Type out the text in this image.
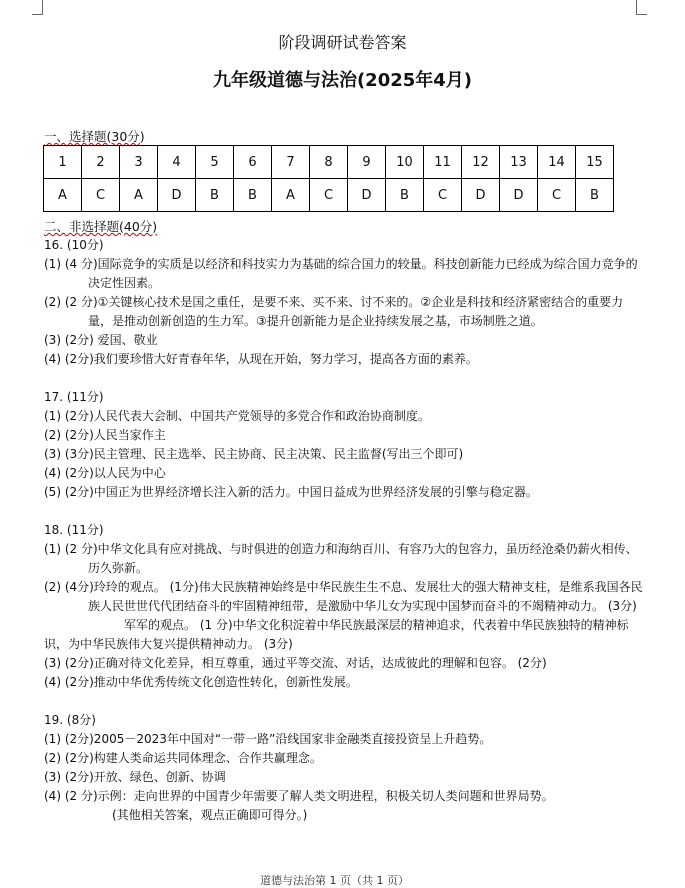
阶段调研试卷答案
九年级道德与法治(2025年4月)
一、选择题(30分)
1	2	3	4	5	6	7	8	9	10	11	12	13	14	15
A	C	A	D	B	B	A	C	D	B	C	D	D	C	B
二、非选择题(40分)
16. (10分)
(1) (4 分)国际竞争的实质是以经济和科技实力为基础的综合国力的较量。科技创新能力已经成为综合国力竞争的决定性因素。
(2) (2 分)①关键核心技术是国之重任，是要不来、买不来、讨不来的。②企业是科技和经济紧密结合的重要力量，是推动创新创造的生力军。③提升创新能力是企业持续发展之基，市场制胜之道。
(3) (2分) 爱国、敬业
(4) (2分)我们要珍惜大好青春年华，从现在开始，努力学习，提高各方面的素养。
17. (11分)
(1) (2分)人民代表大会制、中国共产党领导的多党合作和政治协商制度。
(2) (2分)人民当家作主
(3) (3分)民主管理、民主选举、民主协商、民主决策、民主监督(写出三个即可)
(4) (2分)以人民为中心
(5) (2分)中国正为世界经济增长注入新的活力。中国日益成为世界经济发展的引擎与稳定器。
18. (11分)
(1) (2 分)中华文化具有应对挑战、与时俱进的创造力和海纳百川、有容乃大的包容力，虽历经沧桑仍薪火相传、历久弥新。
(2) (4分)玲玲的观点。 (1分)伟大民族精神始终是中华民族生生不息、发展壮大的强大精神支柱，是维系我国各民族人民世世代代团结奋斗的牢固精神纽带，是激励中华儿女为实现中国梦而奋斗的不竭精神动力。 (3分)
军军的观点。 (1 分)中华文化积淀着中华民族最深层的精神追求，代表着中华民族独特的精神标识，为中华民族伟大复兴提供精神动力。 (3分)
(3) (2分)正确对待文化差异，相互尊重，通过平等交流、对话，达成彼此的理解和包容。 (2分)
(4) (2分)推动中华优秀传统文化创造性转化，创新性发展。
19. (8分)
(1) (2分)2005－2023年中国对“一带一路”沿线国家非金融类直接投资呈上升趋势。
(2) (2分)构建人类命运共同体理念、合作共赢理念。
(3) (2分)开放、绿色、创新、协调
(4) (2 分)示例：走向世界的中国青少年需要了解人类文明进程，积极关切人类问题和世界局势。
(其他相关答案，观点正确即可得分。)
道德与法治第 1 页（共 1 页）
